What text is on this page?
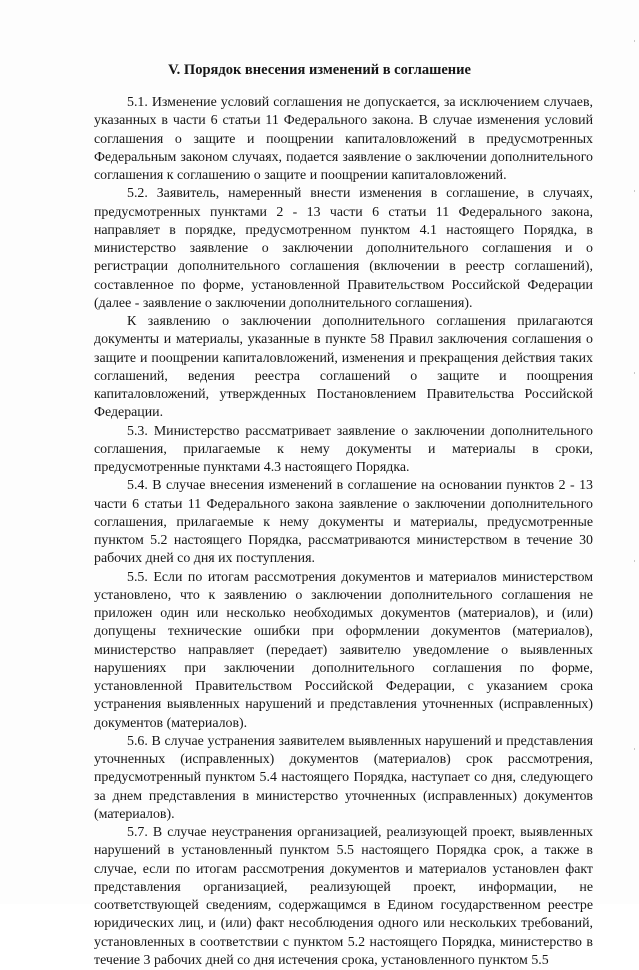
V. Порядок внесения изменений в соглашение

5.1. Изменение условий соглашения не допускается, за исключением случаев, указанных в части 6 статьи 11 Федерального закона. В случае изменения условий соглашения о защите и поощрении капиталовложений в предусмотренных Федеральным законом случаях, подается заявление о заключении дополнительного соглашения к соглашению о защите и поощрении капиталовложений.

5.2. Заявитель, намеренный внести изменения в соглашение, в случаях, предусмотренных пунктами 2 - 13 части 6 статьи 11 Федерального закона, направляет в порядке, предусмотренном пунктом 4.1 настоящего Порядка, в министерство заявление о заключении дополнительного соглашения и о регистрации дополнительного соглашения (включении в реестр соглашений), составленное по форме, установленной Правительством Российской Федерации (далее - заявление о заключении дополнительного соглашения).

К заявлению о заключении дополнительного соглашения прилагаются документы и материалы, указанные в пункте 58 Правил заключения соглашения о защите и поощрении капиталовложений, изменения и прекращения действия таких соглашений, ведения реестра соглашений о защите и поощрения капиталовложений, утвержденных Постановлением Правительства Российской Федерации.

5.3. Министерство рассматривает заявление о заключении дополнительного соглашения, прилагаемые к нему документы и материалы в сроки, предусмотренные пунктами 4.3 настоящего Порядка.

5.4. В случае внесения изменений в соглашение на основании пунктов 2 - 13 части 6 статьи 11 Федерального закона заявление о заключении дополнительного соглашения, прилагаемые к нему документы и материалы, предусмотренные пунктом 5.2 настоящего Порядка, рассматриваются министерством в течение 30 рабочих дней со дня их поступления.

5.5. Если по итогам рассмотрения документов и материалов министерством установлено, что к заявлению о заключении дополнительного соглашения не приложен один или несколько необходимых документов (материалов), и (или) допущены технические ошибки при оформлении документов (материалов), министерство направляет (передает) заявителю уведомление о выявленных нарушениях при заключении дополнительного соглашения по форме, установленной Правительством Российской Федерации, с указанием срока устранения выявленных нарушений и представления уточненных (исправленных) документов (материалов).

5.6. В случае устранения заявителем выявленных нарушений и представления уточненных (исправленных) документов (материалов) срок рассмотрения, предусмотренный пунктом 5.4 настоящего Порядка, наступает со дня, следующего за днем представления в министерство уточненных (исправленных) документов (материалов).

5.7. В случае неустранения организацией, реализующей проект, выявленных нарушений в установленный пунктом 5.5 настоящего Порядка срок, а также в случае, если по итогам рассмотрения документов и материалов установлен факт представления организацией, реализующей проект, информации, не соответствующей сведениям, содержащимся в Едином государственном реестре юридических лиц, и (или) факт несоблюдения одного или нескольких требований, установленных в соответствии с пунктом 5.2 настоящего Порядка, министерство в течение 3 рабочих дней со дня истечения срока, установленного пунктом 5.5
